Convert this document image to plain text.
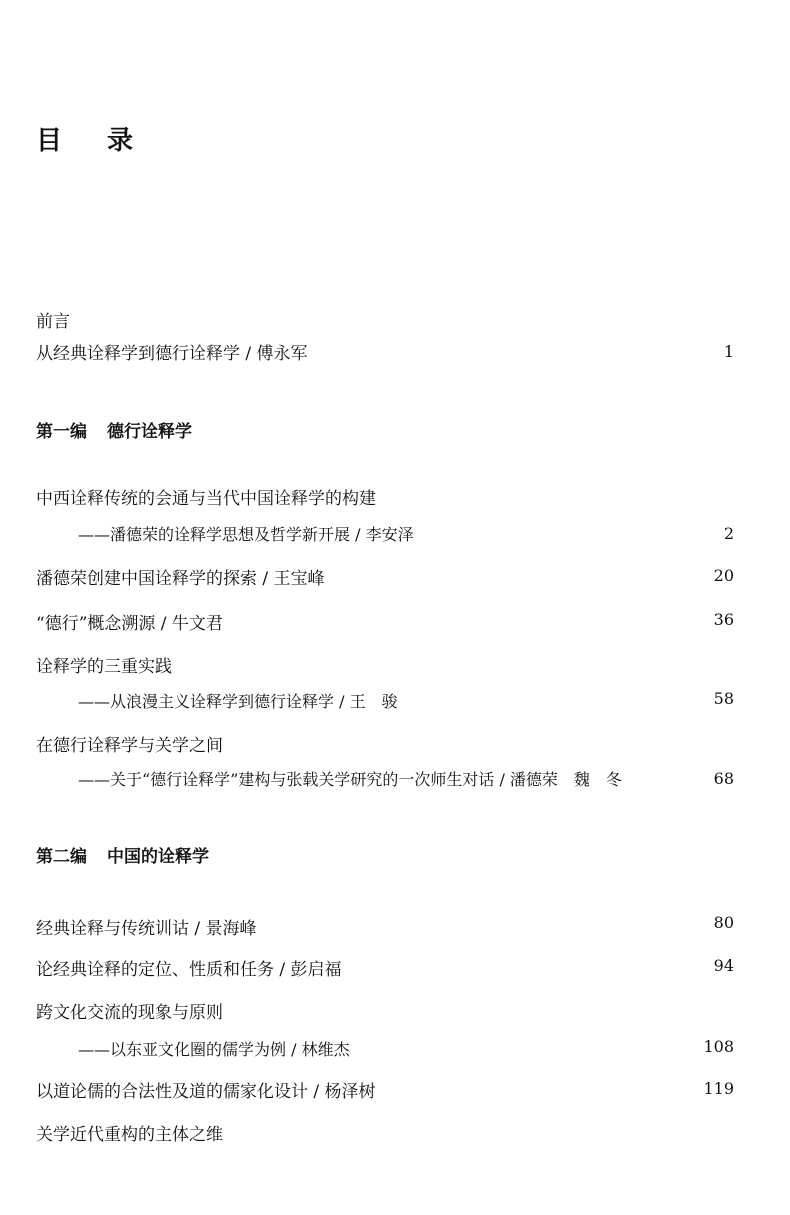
目 录
前言
从经典诠释学到德行诠释学 / 傅永军	1
第一编 德行诠释学
中西诠释传统的会通与当代中国诠释学的构建
——潘德荣的诠释学思想及哲学新开展 / 李安泽	2
潘德荣创建中国诠释学的探索 / 王宝峰	20
“德行”概念溯源 / 牛文君	36
诠释学的三重实践
——从浪漫主义诠释学到德行诠释学 / 王　骏	58
在德行诠释学与关学之间
——关于“德行诠释学”建构与张载关学研究的一次师生对话 / 潘德荣　魏　冬	68
第二编 中国的诠释学
经典诠释与传统训诂 / 景海峰	80
论经典诠释的定位、性质和任务 / 彭启福	94
跨文化交流的现象与原则
——以东亚文化圈的儒学为例 / 林维杰	108
以道论儒的合法性及道的儒家化设计 / 杨泽树	119
关学近代重构的主体之维
